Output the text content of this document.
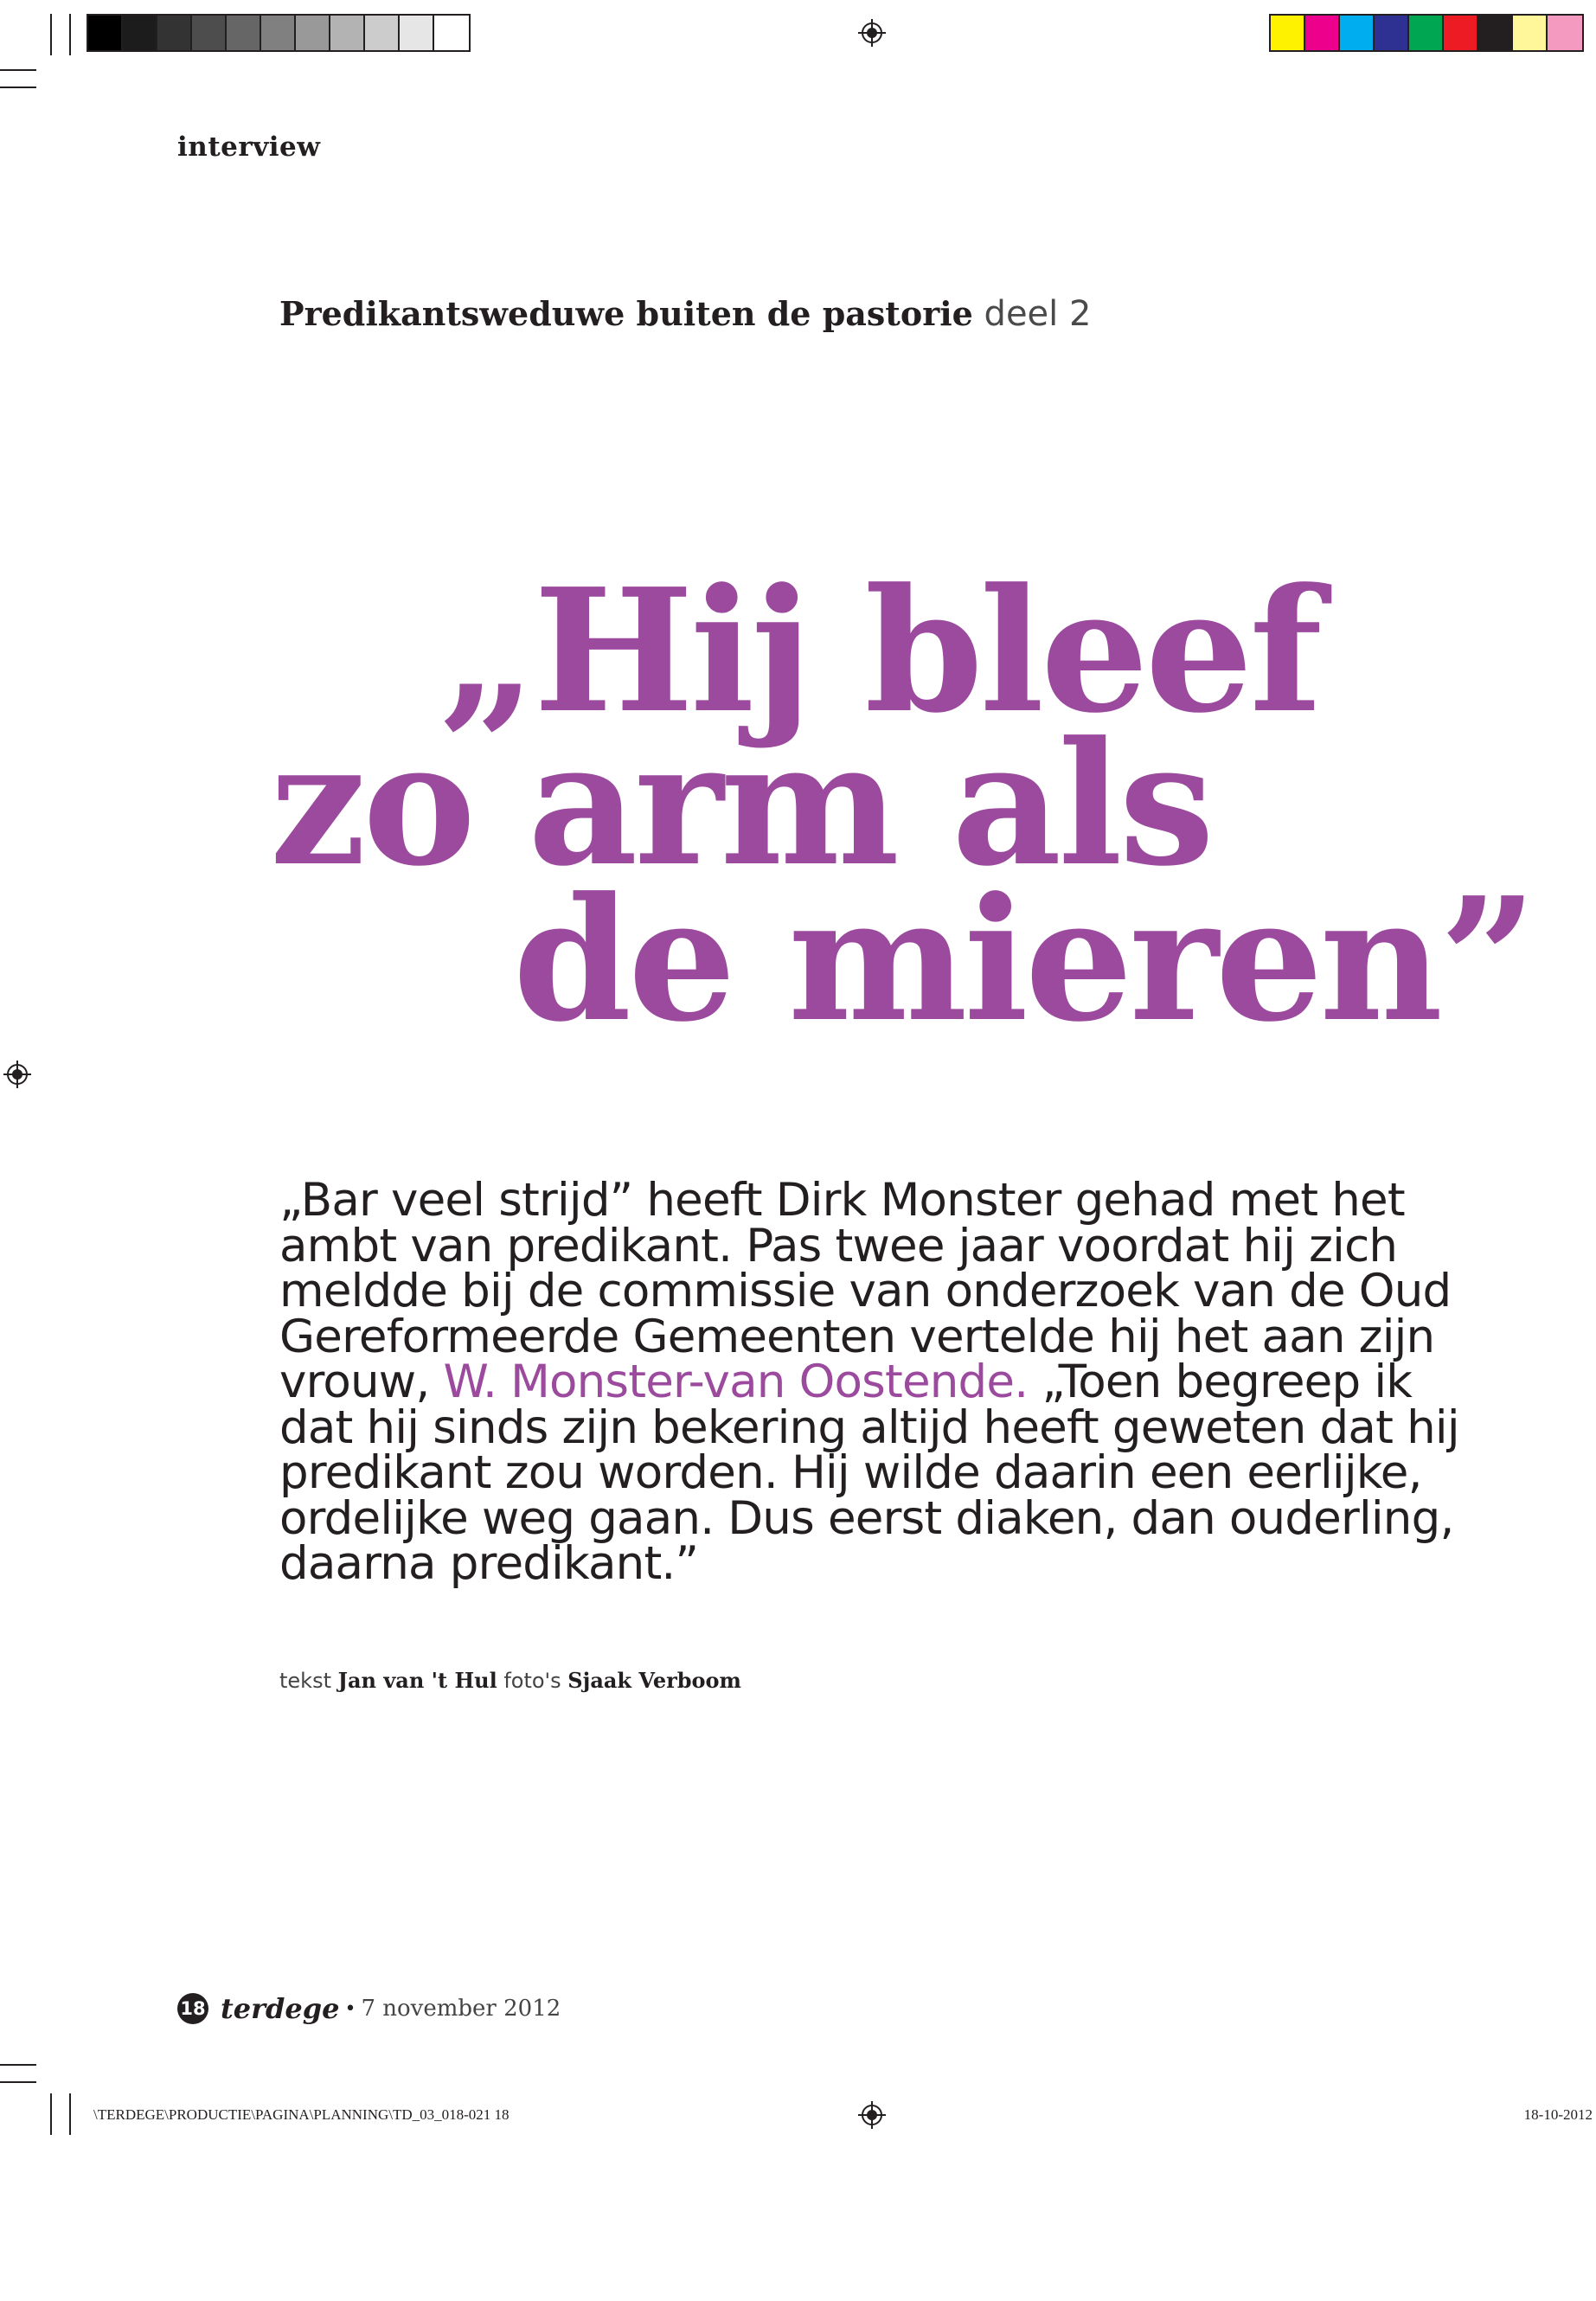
interview
Predikantsweduwe buiten de pastorie deel 2
„Hij bleef
zo arm als
de mieren”
„Bar veel strijd” heeft Dirk Monster gehad met het ambt van predikant. Pas twee jaar voordat hij zich meldde bij de commissie van onderzoek van de Oud Gereformeerde Gemeenten vertelde hij het aan zijn vrouw, W. Monster-van Oostende. „Toen begreep ik dat hij sinds zijn bekering altijd heeft geweten dat hij predikant zou worden. Hij wilde daarin een eerlijke, ordelijke weg gaan. Dus eerst diaken, dan ouderling, daarna predikant.”
tekst Jan van 't Hul foto's Sjaak Verboom
18 terdege • 7 november 2012
\TERDEGE\PRODUCTIE\PAGINA\PLANNING\TD_03_018-021 18	18-10-2012
